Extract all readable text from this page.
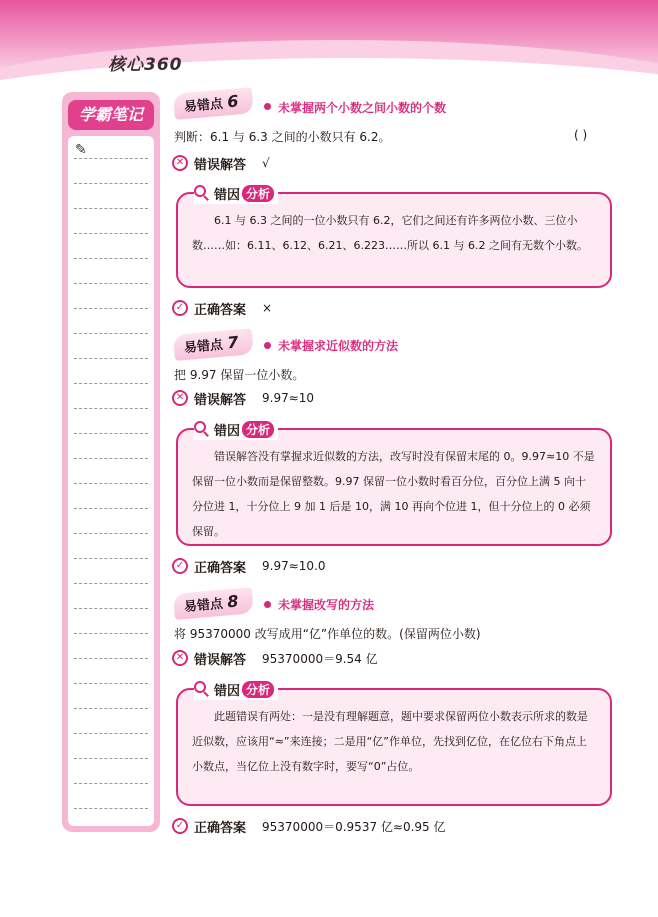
核心360
学霸笔记
✎
易错点 6	未掌握两个小数之间小数的个数
判断：6.1 与 6.3 之间的小数只有 6.2。	( )
✕ 错误解答 √

6.1 与 6.3 之间的一位小数只有 6.2，它们之间还有许多两位小数、三位小数……如：6.11、6.12、6.21、6.223……所以 6.1 与 6.2 之间有无数个小数。

错因 分析
✓ 正确答案 ×
易错点 7	未掌握求近似数的方法
把 9.97 保留一位小数。
✕ 错误解答 9.97≈10

错误解答没有掌握求近似数的方法，改写时没有保留末尾的 0。9.97≈10 不是保留一位小数而是保留整数。9.97 保留一位小数时看百分位，百分位上满 5 向十分位进 1，十分位上 9 加 1 后是 10，满 10 再向个位进 1，但十分位上的 0 必须保留。

错因 分析
✓ 正确答案 9.97≈10.0
易错点 8	未掌握改写的方法
将 95370000 改写成用“亿”作单位的数。(保留两位小数)
✕ 错误解答 95370000＝9.54 亿

此题错误有两处：一是没有理解题意，题中要求保留两位小数表示所求的数是近似数，应该用“≈”来连接；二是用“亿”作单位，先找到亿位，在亿位右下角点上小数点，当亿位上没有数字时，要写“0”占位。

错因 分析
✓ 正确答案 95370000＝0.9537 亿≈0.95 亿
